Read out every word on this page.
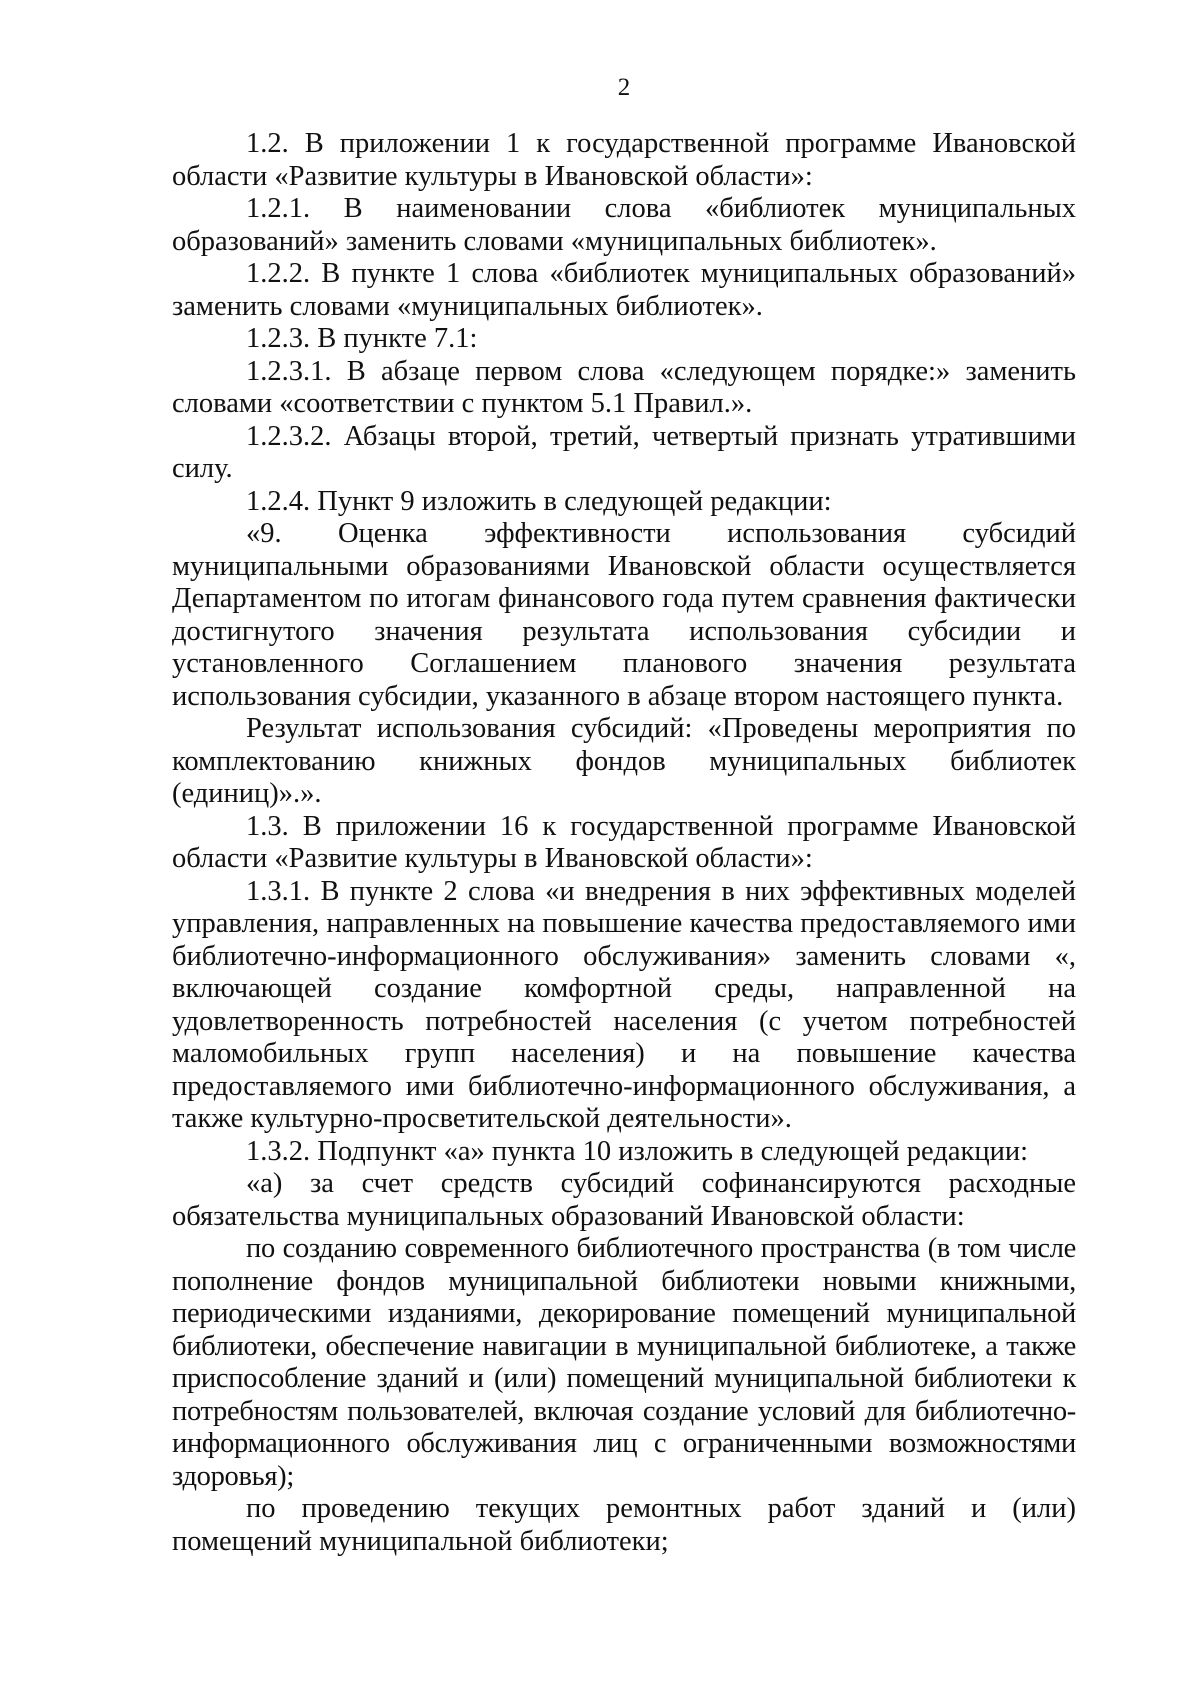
2

1.2. В приложении 1 к государственной программе Ивановской области «Развитие культуры в Ивановской области»:

1.2.1. В наименовании слова «библиотек муниципальных образований» заменить словами «муниципальных библиотек».

1.2.2. В пункте 1 слова «библиотек муниципальных образований» заменить словами «муниципальных библиотек».

1.2.3. В пункте 7.1:

1.2.3.1. В абзаце первом слова «следующем порядке:» заменить словами «соответствии с пунктом 5.1 Правил.».

1.2.3.2. Абзацы второй, третий, четвертый признать утратившими силу.

1.2.4. Пункт 9 изложить в следующей редакции:

«9. Оценка эффективности использования субсидий муниципальными образованиями Ивановской области осуществляется Департаментом по итогам финансового года путем сравнения фактически достигнутого значения результата использования субсидии и установленного Соглашением планового значения результата использования субсидии, указанного в абзаце втором настоящего пункта.

Результат использования субсидий: «Проведены мероприятия по комплектованию книжных фондов муниципальных библиотек (единиц)».».

1.3. В приложении 16 к государственной программе Ивановской области «Развитие культуры в Ивановской области»:

1.3.1. В пункте 2 слова «и внедрения в них эффективных моделей управления, направленных на повышение качества предоставляемого ими библиотечно-информационного обслуживания» заменить словами «, включающей создание комфортной среды, направленной на удовлетворенность потребностей населения (с учетом потребностей маломобильных групп населения) и на повышение качества предоставляемого ими библиотечно-информационного обслуживания, а также культурно-просветительской деятельности».

1.3.2. Подпункт «а» пункта 10 изложить в следующей редакции:

«а) за счет средств субсидий софинансируются расходные обязательства муниципальных образований Ивановской области:

по созданию современного библиотечного пространства (в том числе пополнение фондов муниципальной библиотеки новыми книжными, периодическими изданиями, декорирование помещений муниципальной библиотеки, обеспечение навигации в муниципальной библиотеке, а также приспособление зданий и (или) помещений муниципальной библиотеки к потребностям пользователей, включая создание условий для библиотечно-информационного обслуживания лиц с ограниченными возможностями здоровья);

по проведению текущих ремонтных работ зданий и (или) помещений муниципальной библиотеки;
